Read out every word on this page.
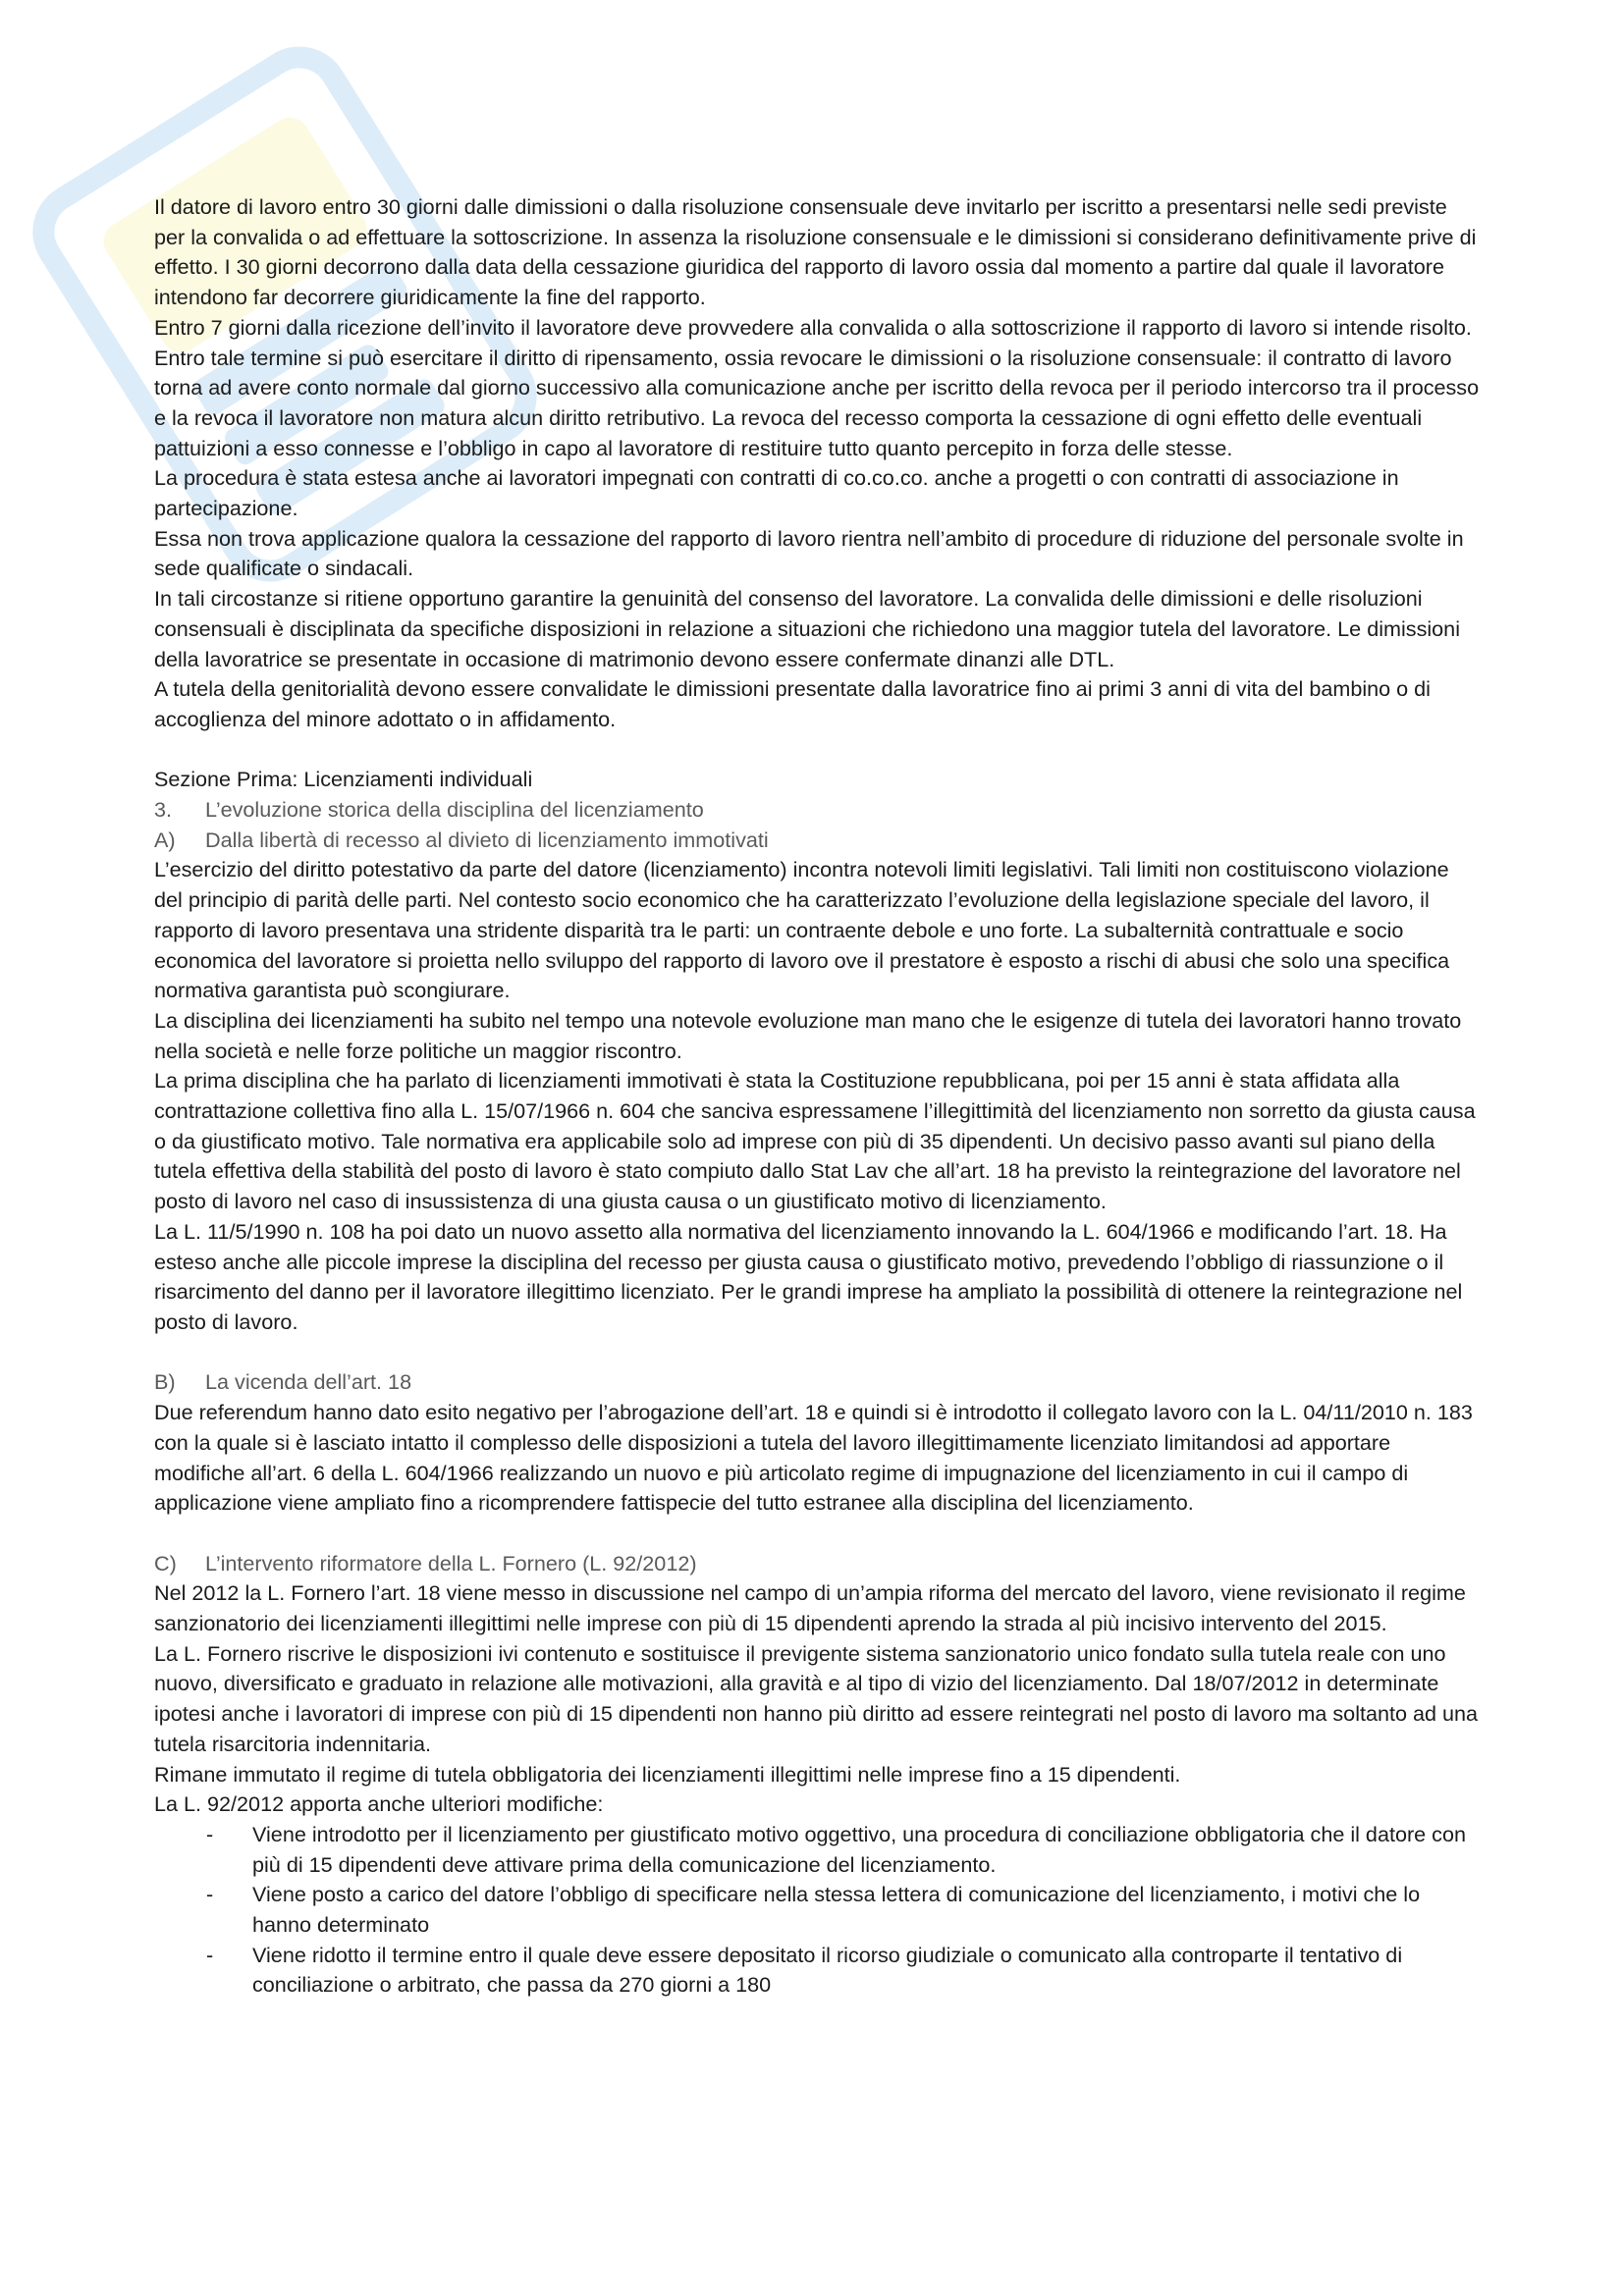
Il datore di lavoro entro 30 giorni dalle dimissioni o dalla risoluzione consensuale deve invitarlo per iscritto a presentarsi nelle sedi previste per la convalida o ad effettuare la sottoscrizione. In assenza la risoluzione consensuale e le dimissioni si considerano definitivamente prive di effetto. I 30 giorni decorrono dalla data della cessazione giuridica del rapporto di lavoro ossia dal momento a partire dal quale il lavoratore intendono far decorrere giuridicamente la fine del rapporto.

Entro 7 giorni dalla ricezione dell’invito il lavoratore deve provvedere alla convalida o alla sottoscrizione il rapporto di lavoro si intende risolto.

Entro tale termine si può esercitare il diritto di ripensamento, ossia revocare le dimissioni o la risoluzione consensuale: il contratto di lavoro torna ad avere conto normale dal giorno successivo alla comunicazione anche per iscritto della revoca per il periodo intercorso tra il processo e la revoca il lavoratore non matura alcun diritto retributivo. La revoca del recesso comporta la cessazione di ogni effetto delle eventuali pattuizioni a esso connesse e l’obbligo in capo al lavoratore di restituire tutto quanto percepito in forza delle stesse.

La procedura è stata estesa anche ai lavoratori impegnati con contratti di co.co.co. anche a progetti o con contratti di associazione in partecipazione.

Essa non trova applicazione qualora la cessazione del rapporto di lavoro rientra nell’ambito di procedure di riduzione del personale svolte in sede qualificate o sindacali.

In tali circostanze si ritiene opportuno garantire la genuinità del consenso del lavoratore. La convalida delle dimissioni e delle risoluzioni consensuali è disciplinata da specifiche disposizioni in relazione a situazioni che richiedono una maggior tutela del lavoratore. Le dimissioni della lavoratrice se presentate in occasione di matrimonio devono essere confermate dinanzi alle DTL.

A tutela della genitorialità devono essere convalidate le dimissioni presentate dalla lavoratrice fino ai primi 3 anni di vita del bambino o di accoglienza del minore adottato o in affidamento.

Sezione Prima: Licenziamenti individuali

3. L’evoluzione storica della disciplina del licenziamento

A) Dalla libertà di recesso al divieto di licenziamento immotivati

L’esercizio del diritto potestativo da parte del datore (licenziamento) incontra notevoli limiti legislativi. Tali limiti non costituiscono violazione del principio di parità delle parti. Nel contesto socio economico che ha caratterizzato l’evoluzione della legislazione speciale del lavoro, il rapporto di lavoro presentava una stridente disparità tra le parti: un contraente debole e uno forte. La subalternità contrattuale e socio economica del lavoratore si proietta nello sviluppo del rapporto di lavoro ove il prestatore è esposto a rischi di abusi che solo una specifica normativa garantista può scongiurare.

La disciplina dei licenziamenti ha subito nel tempo una notevole evoluzione man mano che le esigenze di tutela dei lavoratori hanno trovato nella società e nelle forze politiche un maggior riscontro.

La prima disciplina che ha parlato di licenziamenti immotivati è stata la Costituzione repubblicana, poi per 15 anni è stata affidata alla contrattazione collettiva fino alla L. 15/07/1966 n. 604 che sanciva espressamene l’illegittimità del licenziamento non sorretto da giusta causa o da giustificato motivo. Tale normativa era applicabile solo ad imprese con più di 35 dipendenti. Un decisivo passo avanti sul piano della tutela effettiva della stabilità del posto di lavoro è stato compiuto dallo Stat Lav che all’art. 18 ha previsto la reintegrazione del lavoratore nel posto di lavoro nel caso di insussistenza di una giusta causa o un giustificato motivo di licenziamento.

La L. 11/5/1990 n. 108 ha poi dato un nuovo assetto alla normativa del licenziamento innovando la L. 604/1966 e modificando l’art. 18. Ha esteso anche alle piccole imprese la disciplina del recesso per giusta causa o giustificato motivo, prevedendo l’obbligo di riassunzione o il risarcimento del danno per il lavoratore illegittimo licenziato. Per le grandi imprese ha ampliato la possibilità di ottenere la reintegrazione nel posto di lavoro.

B) La vicenda dell’art. 18

Due referendum hanno dato esito negativo per l’abrogazione dell’art. 18 e quindi si è introdotto il collegato lavoro con la L. 04/11/2010 n. 183 con la quale si è lasciato intatto il complesso delle disposizioni a tutela del lavoro illegittimamente licenziato limitandosi ad apportare modifiche all’art. 6 della L. 604/1966 realizzando un nuovo e più articolato regime di impugnazione del licenziamento in cui il campo di applicazione viene ampliato fino a ricomprendere fattispecie del tutto estranee alla disciplina del licenziamento.

C) L’intervento riformatore della L. Fornero (L. 92/2012)

Nel 2012 la L. Fornero l’art. 18 viene messo in discussione nel campo di un’ampia riforma del mercato del lavoro, viene revisionato il regime sanzionatorio dei licenziamenti illegittimi nelle imprese con più di 15 dipendenti aprendo la strada al più incisivo intervento del 2015.

La L. Fornero riscrive le disposizioni ivi contenuto e sostituisce il previgente sistema sanzionatorio unico fondato sulla tutela reale con uno nuovo, diversificato e graduato in relazione alle motivazioni, alla gravità e al tipo di vizio del licenziamento. Dal 18/07/2012 in determinate ipotesi anche i lavoratori di imprese con più di 15 dipendenti non hanno più diritto ad essere reintegrati nel posto di lavoro ma soltanto ad una tutela risarcitoria indennitaria.

Rimane immutato il regime di tutela obbligatoria dei licenziamenti illegittimi nelle imprese fino a 15 dipendenti.

La L. 92/2012 apporta anche ulteriori modifiche:

- Viene introdotto per il licenziamento per giustificato motivo oggettivo, una procedura di conciliazione obbligatoria che il datore con più di 15 dipendenti deve attivare prima della comunicazione del licenziamento.
- Viene posto a carico del datore l’obbligo di specificare nella stessa lettera di comunicazione del licenziamento, i motivi che lo hanno determinato
- Viene ridotto il termine entro il quale deve essere depositato il ricorso giudiziale o comunicato alla controparte il tentativo di conciliazione o arbitrato, che passa da 270 giorni a 180
